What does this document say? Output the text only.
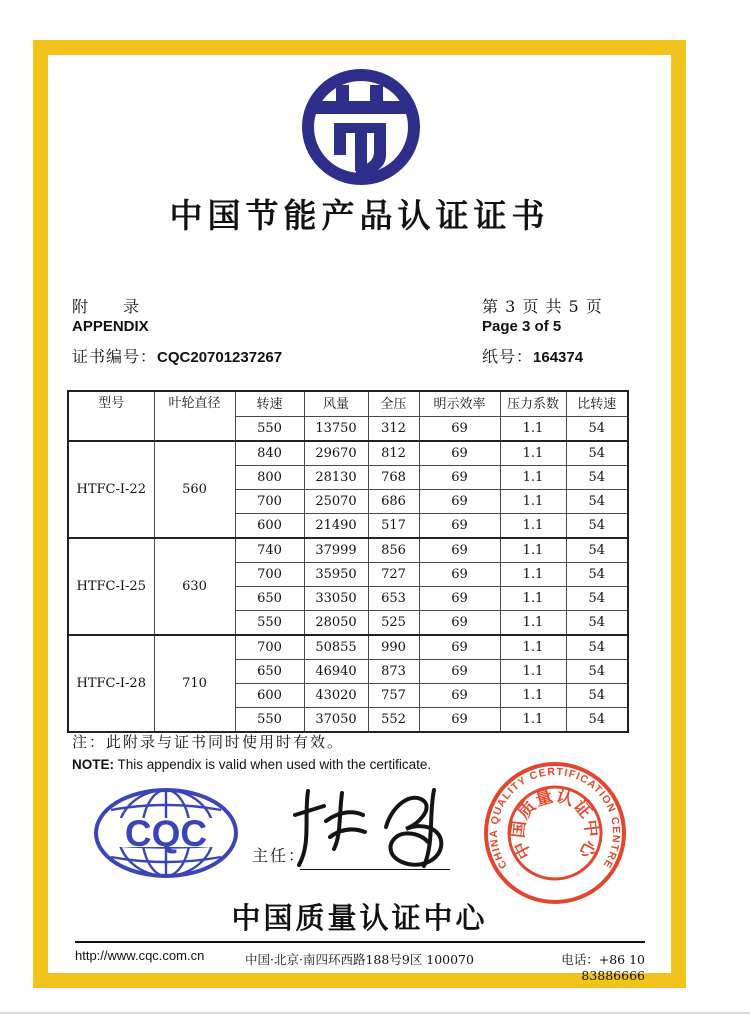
中国节能产品认证证书
附　　录
APPENDIX
证书编号：CQC20701237267
第 3 页 共 5 页
Page 3 of 5
纸号：164374
型号	叶轮直径	转速	风量	全压	明示效率	压力系数	比转速
		550	13750	312	69	1.1	54
HTFC-I-22	560	840	29670	812	69	1.1	54
		800	28130	768	69	1.1	54
		700	25070	686	69	1.1	54
		600	21490	517	69	1.1	54
HTFC-I-25	630	740	37999	856	69	1.1	54
		700	35950	727	69	1.1	54
		650	33050	653	69	1.1	54
		550	28050	525	69	1.1	54
HTFC-I-28	710	700	50855	990	69	1.1	54
		650	46940	873	69	1.1	54
		600	43020	757	69	1.1	54
		550	37050	552	69	1.1	54
注：此附录与证书同时使用时有效。
NOTE: This appendix is valid when used with the certificate.
CQC
主任：	CHINA QUALITY CERTIFICATION CENTRE
中国质量认证中心
中国质量认证中心
http://www.cqc.com.cn	中国·北京·南四环西路188号9区 100070	电话：+86 10 83886666
